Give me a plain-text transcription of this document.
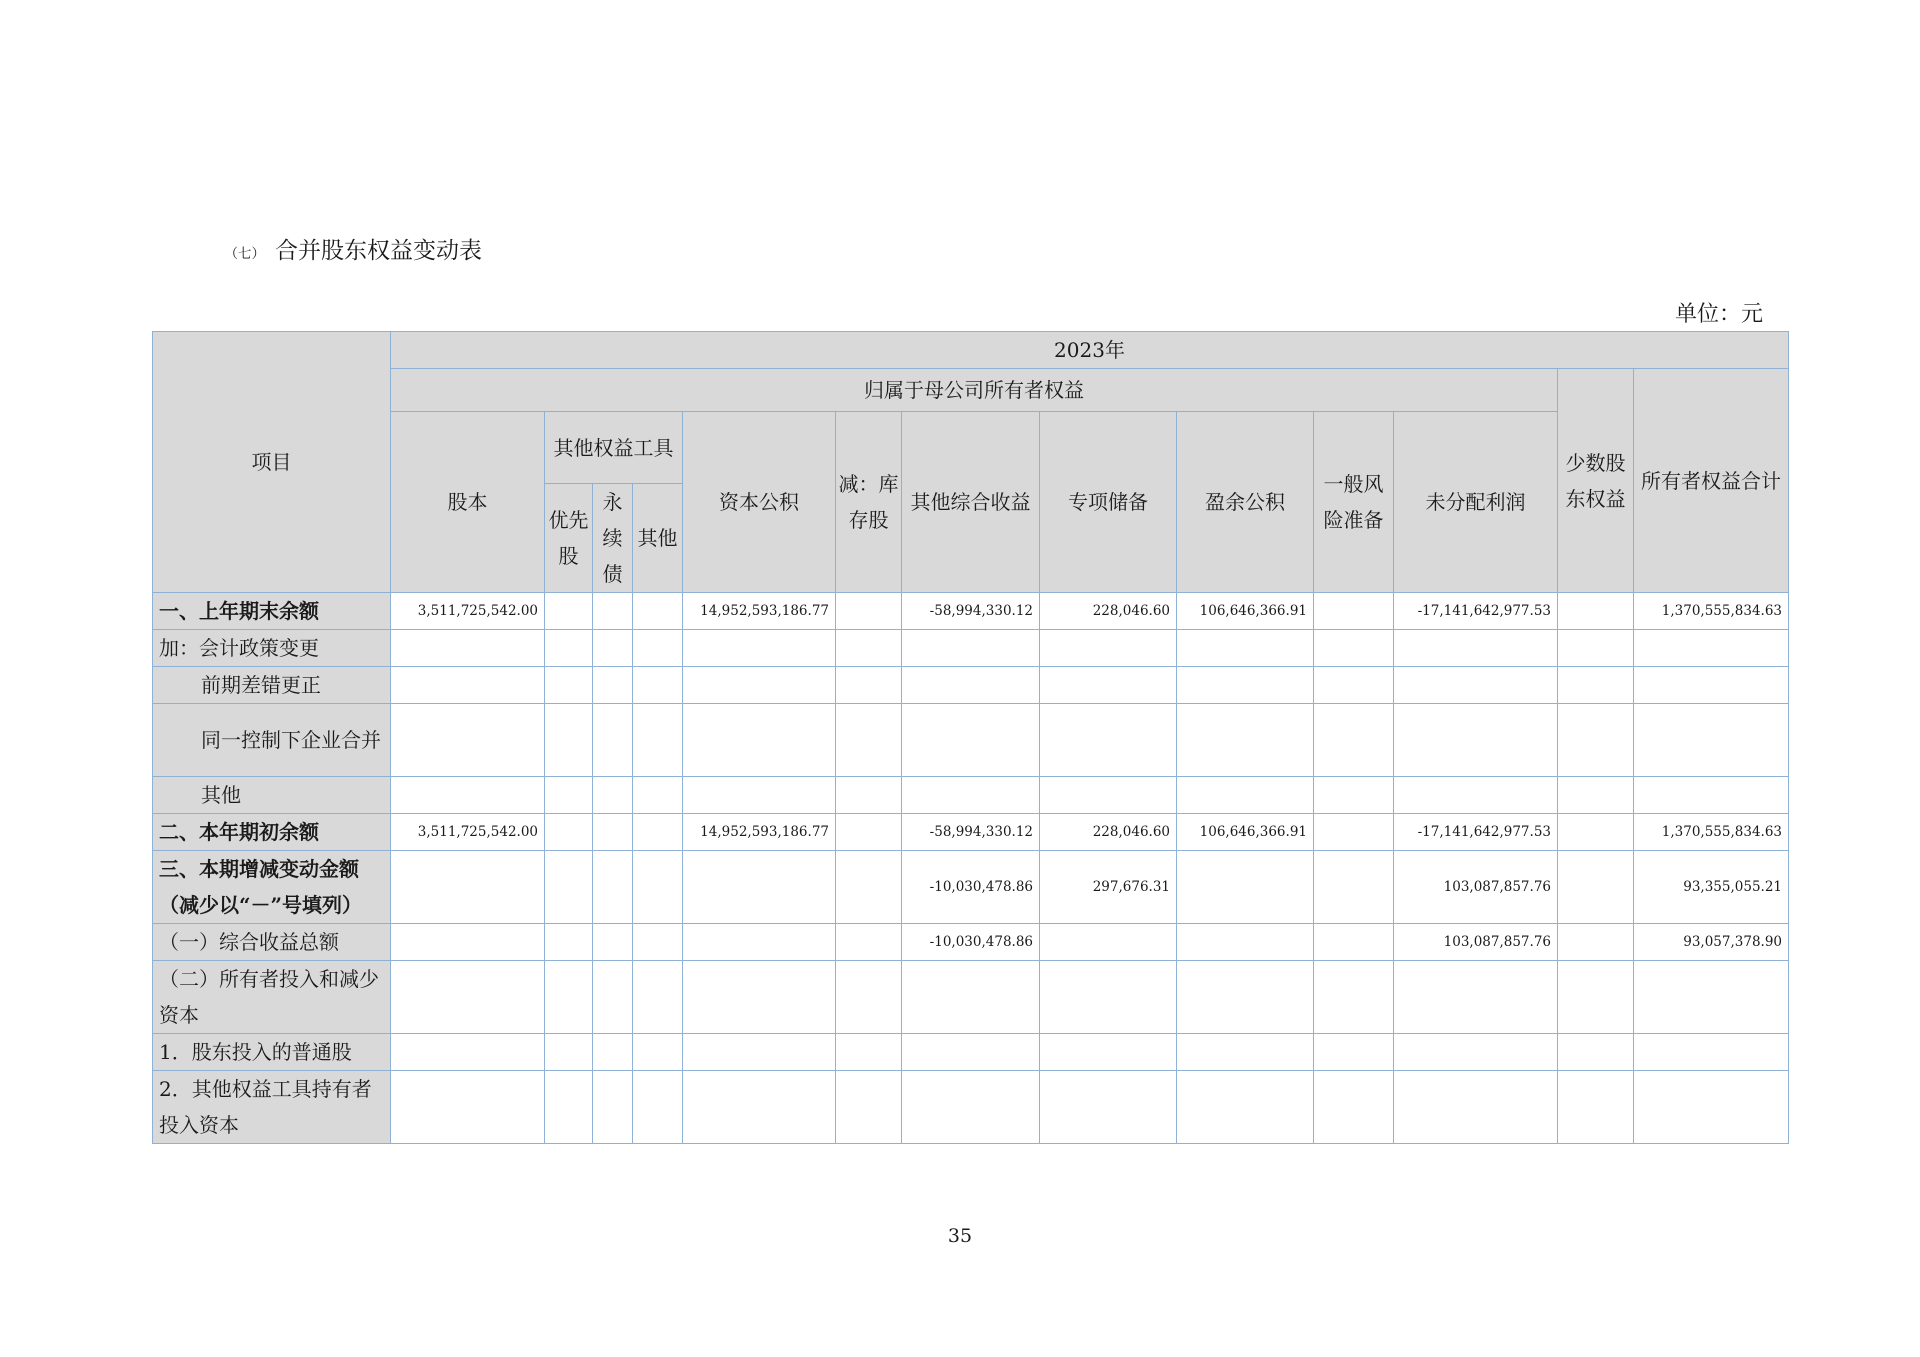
（七） 合并股东权益变动表
单位：元
项目	2023年												
	归属于母公司所有者权益											少数股东权益	所有者权益合计
	股本	其他权益工具			资本公积	减：库存股	其他综合收益	专项储备	盈余公积	一般风险准备	未分配利润		
		优先股	永续债	其他									
一、上年期末余额	3,511,725,542.00				14,952,593,186.77		-58,994,330.12	228,046.60	106,646,366.91		-17,141,642,977.53		1,370,555,834.63
加：会计政策变更													
前期差错更正													
同一控制下企业合并													
其他													
二、本年期初余额	3,511,725,542.00				14,952,593,186.77		-58,994,330.12	228,046.60	106,646,366.91		-17,141,642,977.53		1,370,555,834.63
三、本期增减变动金额（减少以“－”号填列）							-10,030,478.86	297,676.31			103,087,857.76		93,355,055.21
（一）综合收益总额							-10,030,478.86				103,087,857.76		93,057,378.90
（二）所有者投入和减少资本													
1．股东投入的普通股													
2．其他权益工具持有者投入资本													
35
